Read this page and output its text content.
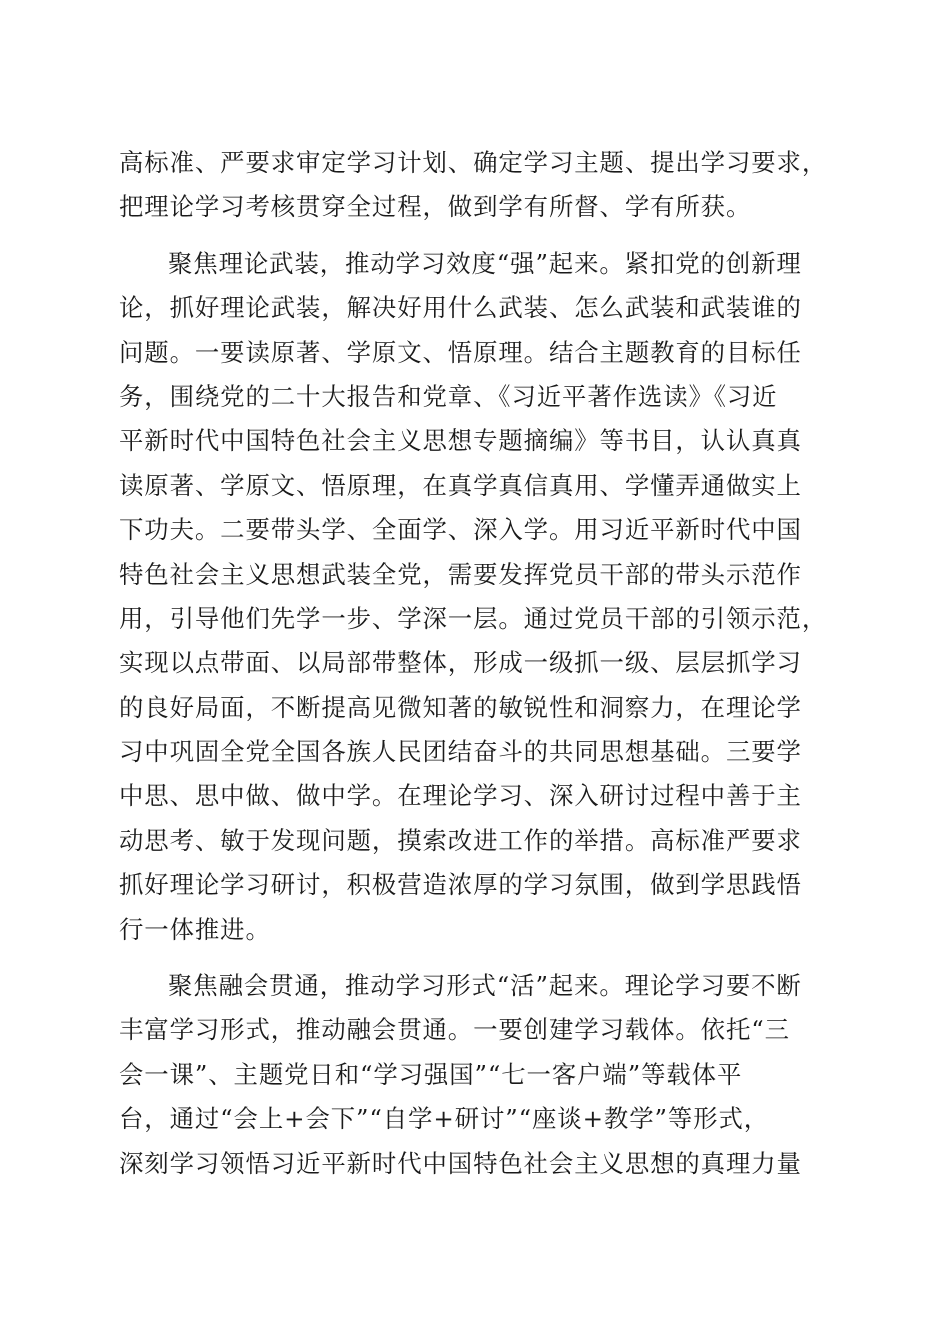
高标准、严要求审定学习计划、确定学习主题、提出学习要求，
把理论学习考核贯穿全过程，做到学有所督、学有所获。
聚焦理论武装，推动学习效度“强”起来。紧扣党的创新理
论，抓好理论武装，解决好用什么武装、怎么武装和武装谁的
问题。一要读原著、学原文、悟原理。结合主题教育的目标任
务，围绕党的二十大报告和党章、《习近平著作选读》《习近
平新时代中国特色社会主义思想专题摘编》等书目，认认真真
读原著、学原文、悟原理，在真学真信真用、学懂弄通做实上
下功夫。二要带头学、全面学、深入学。用习近平新时代中国
特色社会主义思想武装全党，需要发挥党员干部的带头示范作
用，引导他们先学一步、学深一层。通过党员干部的引领示范，
实现以点带面、以局部带整体，形成一级抓一级、层层抓学习
的良好局面，不断提高见微知著的敏锐性和洞察力，在理论学
习中巩固全党全国各族人民团结奋斗的共同思想基础。三要学
中思、思中做、做中学。在理论学习、深入研讨过程中善于主
动思考、敏于发现问题，摸索改进工作的举措。高标准严要求
抓好理论学习研讨，积极营造浓厚的学习氛围，做到学思践悟
行一体推进。
聚焦融会贯通，推动学习形式“活”起来。理论学习要不断
丰富学习形式，推动融会贯通。一要创建学习载体。依托“三
会一课”、主题党日和“学习强国”“七一客户端”等载体平
台，通过“会上+会下”“自学+研讨”“座谈+教学”等形式，
深刻学习领悟习近平新时代中国特色社会主义思想的真理力量
